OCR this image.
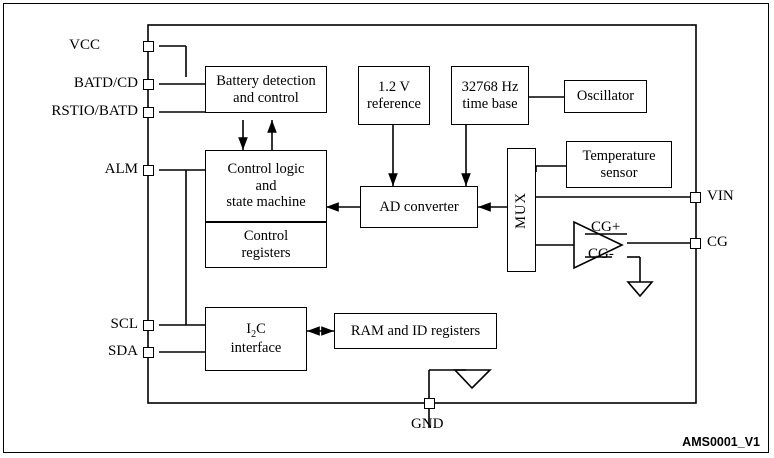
Battery detection
and control
1.2 V
reference
32768 Hz
time base	Oscillator
Control logic
and
state machine
Control
registers
AD converter	MUX
Temperature
sensor
$I_2C$
interface
RAM and ID registers
VCC
BATD/CD
RSTIO/BATD
ALM
SCL
SDA
VIN
CG
GND
CG+
CG-
AMS0001_V1
